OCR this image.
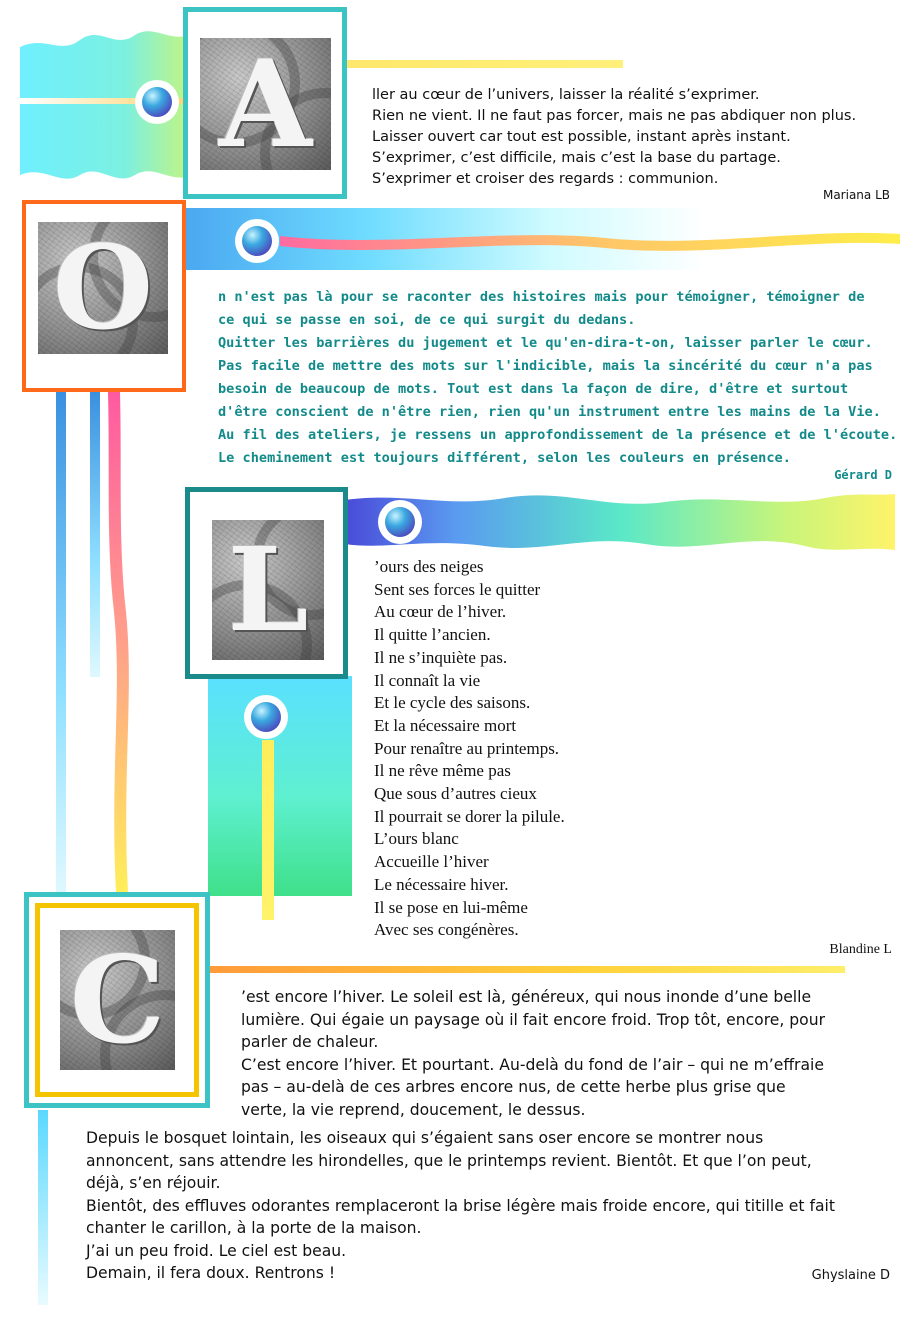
A	ller au cœur de l’univers, laisser la réalité s’exprimer.
Rien ne vient. Il ne faut pas forcer, mais ne pas abdiquer non plus.
Laisser ouvert car tout est possible, instant après instant.
S’exprimer, c’est difficile, mais c’est la base du partage.
S’exprimer et croiser des regards : communion.
Mariana LB
O	n n'est pas là pour se raconter des histoires mais pour témoigner, témoigner de
ce qui se passe en soi, de ce qui surgit du dedans.
Quitter les barrières du jugement et le qu'en-dira-t-on, laisser parler le cœur.
Pas facile de mettre des mots sur l'indicible, mais la sincérité du cœur n'a pas
besoin de beaucoup de mots. Tout est dans la façon de dire, d'être et surtout
d'être conscient de n'être rien, rien qu'un instrument entre les mains de la Vie.
Au fil des ateliers, je ressens un approfondissement de la présence et de l'écoute.
Le cheminement est toujours différent, selon les couleurs en présence.
Gérard D
L	’ours des neiges
Sent ses forces le quitter
Au cœur de l’hiver.
Il quitte l’ancien.
Il ne s’inquiète pas.
Il connaît la vie
Et le cycle des saisons.
Et la nécessaire mort
Pour renaître au printemps.
Il ne rêve même pas
Que sous d’autres cieux
Il pourrait se dorer la pilule.
L’ours blanc
Accueille l’hiver
Le nécessaire hiver.
Il se pose en lui-même
Avec ses congénères.
Blandine L
C	’est encore l’hiver. Le soleil est là, généreux, qui nous inonde d’une belle
lumière. Qui égaie un paysage où il fait encore froid. Trop tôt, encore, pour
parler de chaleur.
C’est encore l’hiver. Et pourtant. Au-delà du fond de l’air – qui ne m’effraie
pas – au-delà de ces arbres encore nus, de cette herbe plus grise que
verte, la vie reprend, doucement, le dessus.
Depuis le bosquet lointain, les oiseaux qui s’égaient sans oser encore se montrer nous
annoncent, sans attendre les hirondelles, que le printemps revient. Bientôt. Et que l’on peut,
déjà, s’en réjouir.
Bientôt, des effluves odorantes remplaceront la brise légère mais froide encore, qui titille et fait
chanter le carillon, à la porte de la maison.
J’ai un peu froid. Le ciel est beau.
Demain, il fera doux. Rentrons !	Ghyslaine D
